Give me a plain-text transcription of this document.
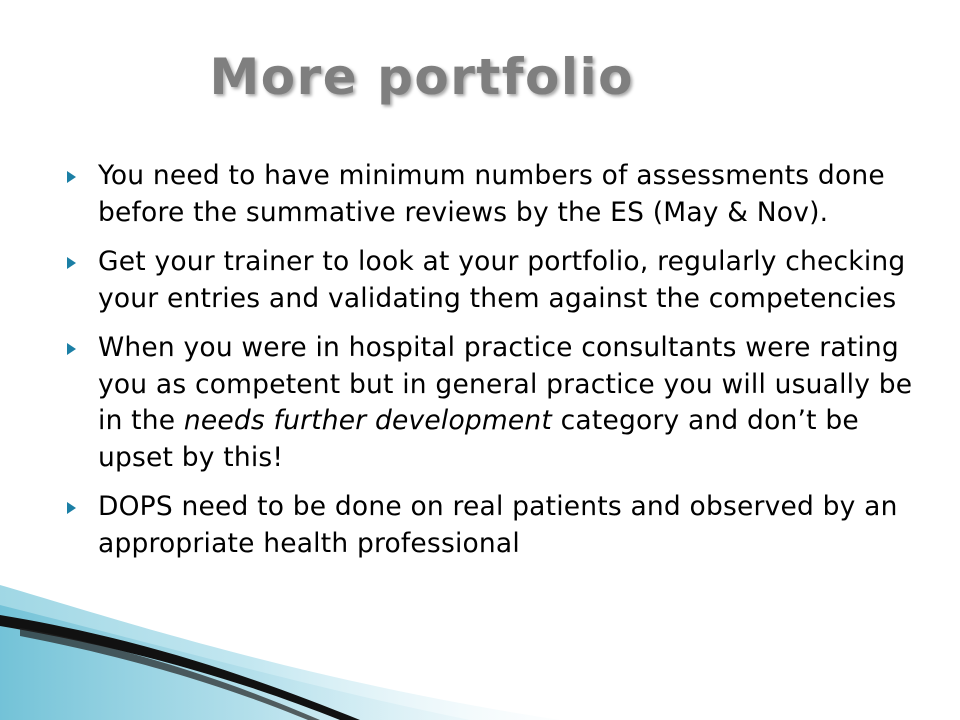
More portfolio
You need to have minimum numbers of assessments done before the summative reviews by the ES (May & Nov).
Get your trainer to look at your portfolio, regularly checking your entries and validating them against the competencies
When you were in hospital practice consultants were rating you as competent but in general practice you will usually be in the needs further development category and don’t be upset by this!
DOPS need to be done on real patients and observed by an appropriate health professional
